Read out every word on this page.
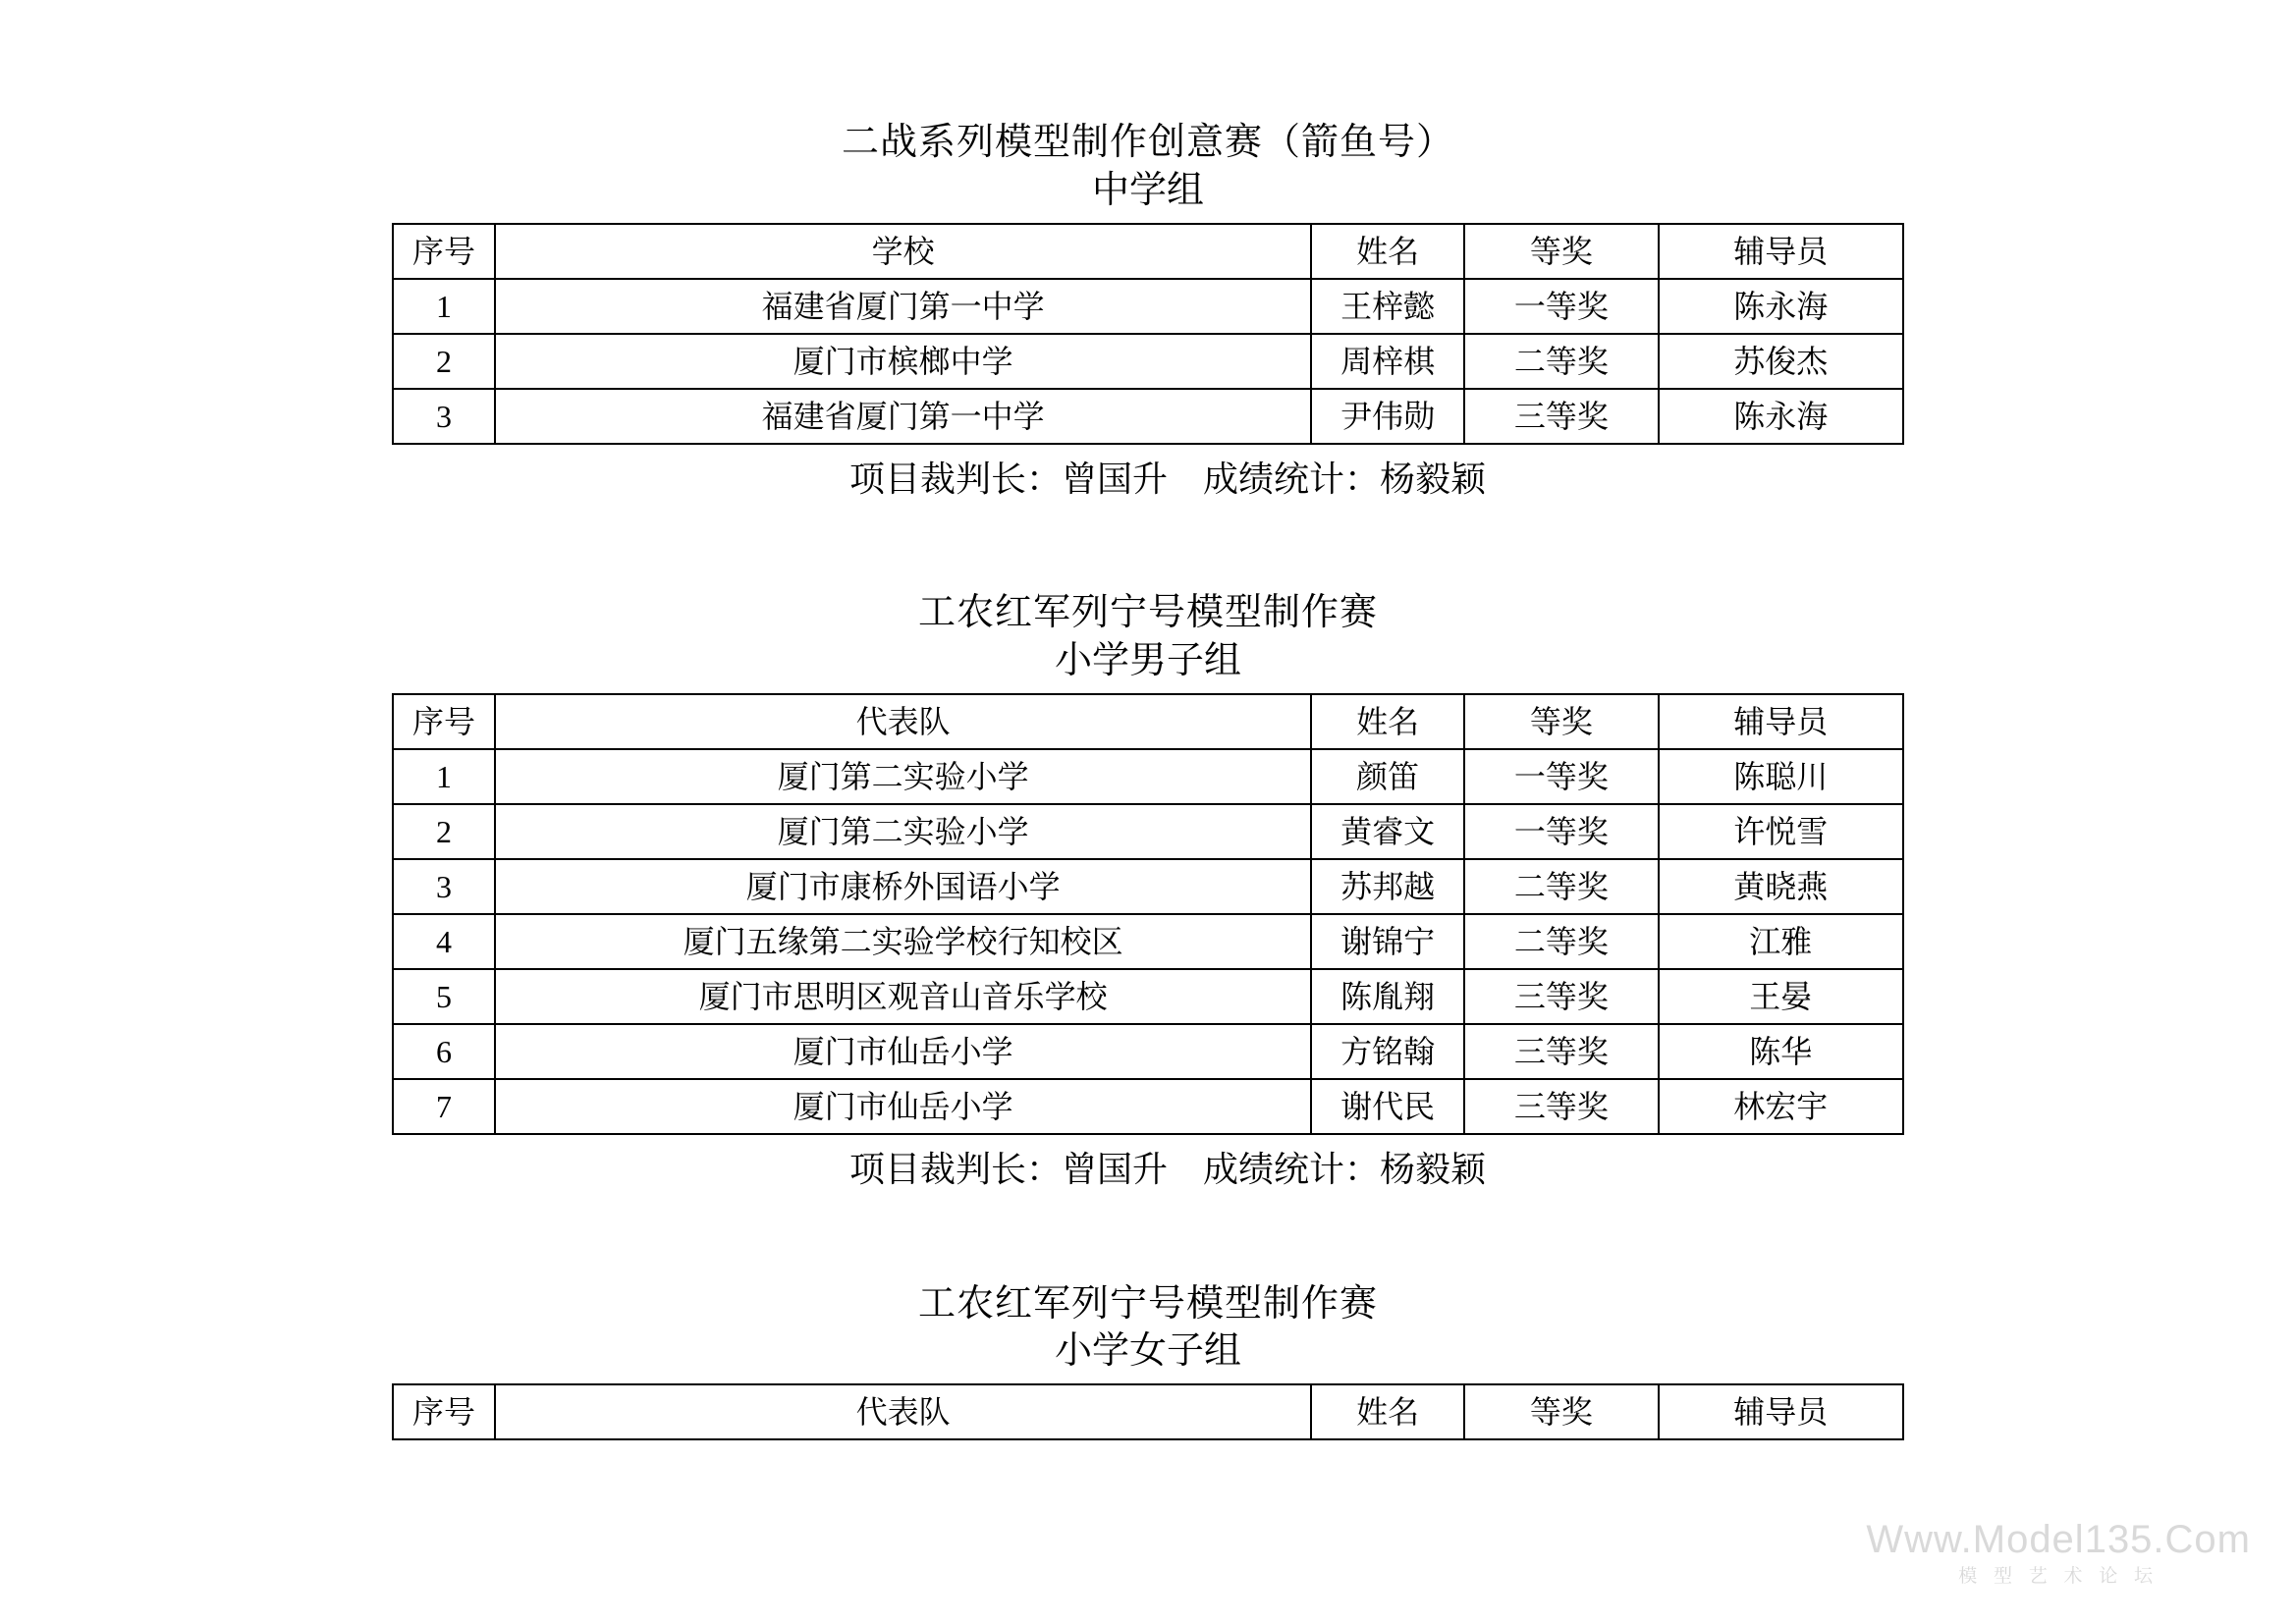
二战系列模型制作创意赛（箭鱼号）
中学组
序号	学校	姓名	等奖	辅导员
1	福建省厦门第一中学	王梓懿	一等奖	陈永海
2	厦门市槟榔中学	周梓棋	二等奖	苏俊杰
3	福建省厦门第一中学	尹伟勋	三等奖	陈永海
项目裁判长：曾国升　成绩统计：杨毅颖
工农红军列宁号模型制作赛
小学男子组
序号	代表队	姓名	等奖	辅导员
1	厦门第二实验小学	颜笛	一等奖	陈聪川
2	厦门第二实验小学	黄睿文	一等奖	许悦雪
3	厦门市康桥外国语小学	苏邦越	二等奖	黄晓燕
4	厦门五缘第二实验学校行知校区	谢锦宁	二等奖	江雅
5	厦门市思明区观音山音乐学校	陈胤翔	三等奖	王晏
6	厦门市仙岳小学	方铭翰	三等奖	陈华
7	厦门市仙岳小学	谢代民	三等奖	林宏宇
项目裁判长：曾国升　成绩统计：杨毅颖
工农红军列宁号模型制作赛
小学女子组
序号	代表队	姓名	等奖	辅导员
Www.Model135.Com
模 型 艺 术 论 坛
